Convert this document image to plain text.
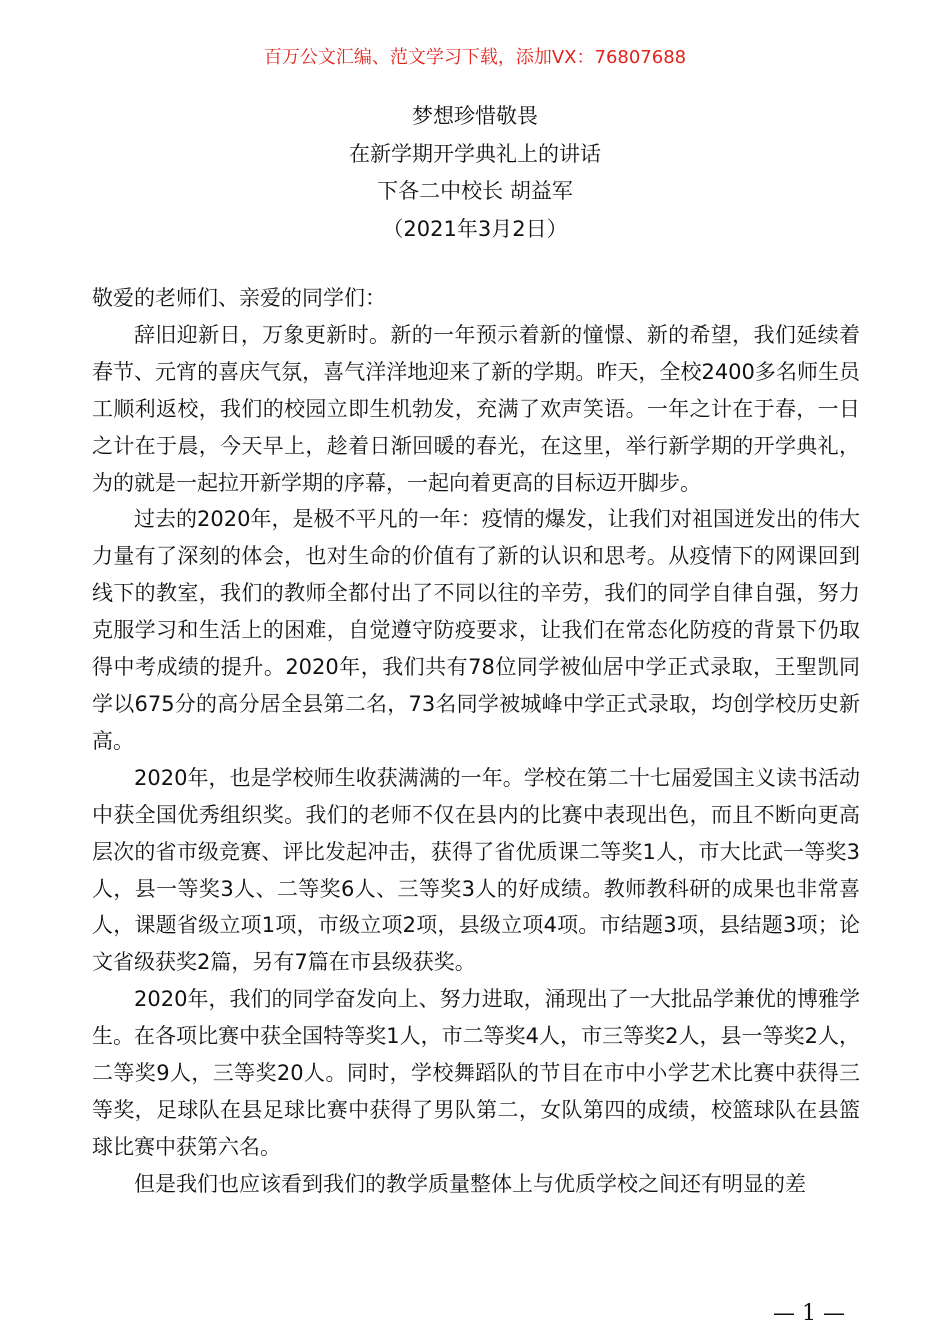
百万公文汇编、范文学习下载，添加VX：76807688
梦想珍惜敬畏
在新学期开学典礼上的讲话
下各二中校长 胡益军
（2021年3月2日）

敬爱的老师们、亲爱的同学们：

辞旧迎新日，万象更新时。新的一年预示着新的憧憬、新的希望，我们延续着春节、元宵的喜庆气氛，喜气洋洋地迎来了新的学期。昨天，全校2400多名师生员工顺利返校，我们的校园立即生机勃发，充满了欢声笑语。一年之计在于春，一日之计在于晨，今天早上，趁着日渐回暖的春光，在这里，举行新学期的开学典礼，为的就是一起拉开新学期的序幕，一起向着更高的目标迈开脚步。

过去的2020年，是极不平凡的一年：疫情的爆发，让我们对祖国迸发出的伟大力量有了深刻的体会，也对生命的价值有了新的认识和思考。从疫情下的网课回到线下的教室，我们的教师全都付出了不同以往的辛劳，我们的同学自律自强，努力克服学习和生活上的困难，自觉遵守防疫要求，让我们在常态化防疫的背景下仍取得中考成绩的提升。2020年，我们共有78位同学被仙居中学正式录取，王聖凯同学以675分的高分居全县第二名，73名同学被城峰中学正式录取，均创学校历史新高。

2020年，也是学校师生收获满满的一年。学校在第二十七届爱国主义读书活动中获全国优秀组织奖。我们的老师不仅在县内的比赛中表现出色，而且不断向更高层次的省市级竞赛、评比发起冲击，获得了省优质课二等奖1人，市大比武一等奖3人，县一等奖3人、二等奖6人、三等奖3人的好成绩。教师教科研的成果也非常喜人，课题省级立项1项，市级立项2项，县级立项4项。市结题3项，县结题3项；论文省级获奖2篇，另有7篇在市县级获奖。

2020年，我们的同学奋发向上、努力进取，涌现出了一大批品学兼优的博雅学生。在各项比赛中获全国特等奖1人，市二等奖4人，市三等奖2人，县一等奖2人，二等奖9人，三等奖20人。同时，学校舞蹈队的节目在市中小学艺术比赛中获得三等奖，足球队在县足球比赛中获得了男队第二，女队第四的成绩，校篮球队在县篮球比赛中获第六名。

但是我们也应该看到我们的教学质量整体上与优质学校之间还有明显的差

— 1 —
